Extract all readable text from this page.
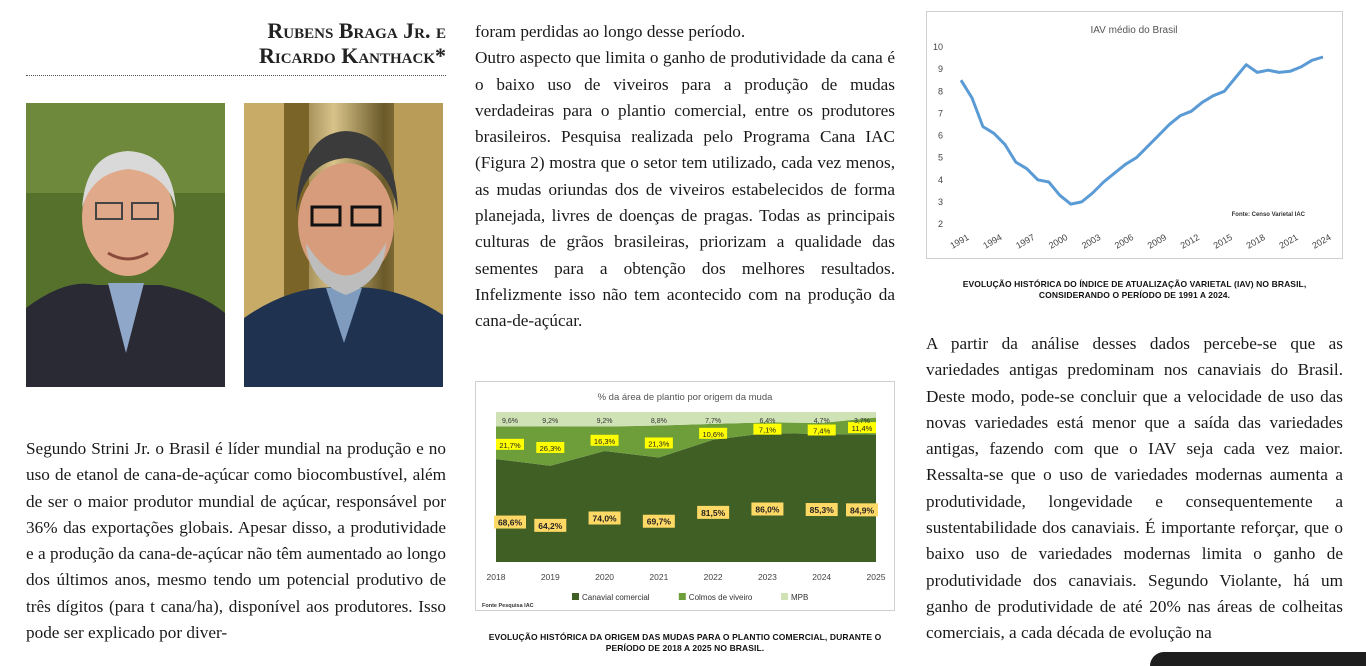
Rubens Braga Jr. e
Ricardo Kanthack*

Segundo Strini Jr. o Brasil é líder mundial na produção e no uso de etanol de cana-de-açúcar como biocombustível, além de ser o maior produtor mundial de açúcar, responsável por 36% das exportações globais. Apesar disso, a produtividade e a produção da cana-de-açúcar não têm aumentado ao longo dos últimos anos, mesmo tendo um potencial produtivo de três dígitos (para t cana/ha), disponível aos produtores. Isso pode ser explicado por diver-

foram perdidas ao longo desse período.

Outro aspecto que limita o ganho de produtividade da cana é o baixo uso de viveiros para a produção de mudas verdadeiras para o plantio comercial, entre os produtores brasileiros. Pesquisa realizada pelo Programa Cana IAC (Figura 2) mostra que o setor tem utilizado, cada vez menos, as mudas oriundas dos de viveiros estabelecidos de forma planejada, livres de doenças de pragas. Todas as principais culturas de grãos brasileiras, priorizam a qualidade das sementes para a obtenção dos melhores resultados. Infelizmente isso não tem acontecido com na produção da cana-de-açúcar.

% da área de plantio por origem da muda
68,6%
21,7%
9,6%
2018
64,2%
26,3%
9,2%
2019
74,0%
16,3%
9,2%
2020
69,7%
21,3%
8,8%
2021
81,5%
10,6%
7,7%
2022
86,0%
7,1%
6,4%
2023
85,3%
7,4%
4,7%
2024
84,9%
11,4%
3,7%
2025
Canavial comercial	Colmos de viveiro	MPB
Fonte Pesquisa IAC
EVOLUÇÃO HISTÓRICA DA ORIGEM DAS MUDAS PARA O PLANTIO COMERCIAL, DURANTE O PERÍODO DE 2018 A 2025 NO BRASIL.
IAV médio do Brasil
2
3
4
5
6
7
8
9
10
1991 1994 1997 2000 2003 2006 2009 2012 2015 2018 2021 2024
Fonte: Censo Varietal IAC
EVOLUÇÃO HISTÓRICA DO ÍNDICE DE ATUALIZAÇÃO VARIETAL (IAV) NO BRASIL, CONSIDERANDO O PERÍODO DE 1991 A 2024.

A partir da análise desses dados percebe-se que as variedades antigas predominam nos canaviais do Brasil. Deste modo, pode-se concluir que a velocidade de uso das novas variedades está menor que a saída das variedades antigas, fazendo com que o IAV seja cada vez maior. Ressalta-se que o uso de variedades modernas aumenta a produtividade, longevidade e consequentemente a sustentabilidade dos canaviais. É importante reforçar, que o baixo uso de variedades modernas limita o ganho de produtividade dos canaviais. Segundo Violante, há um ganho de produtividade de até 20% nas áreas de colheitas comerciais, a cada década de evolução na
